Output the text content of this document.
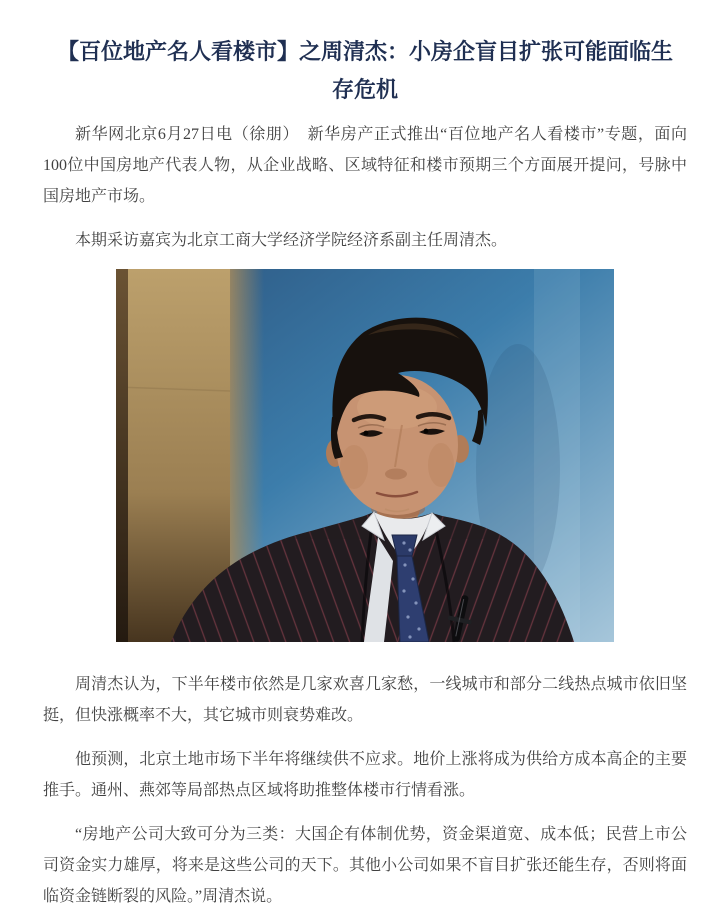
【百位地产名人看楼市】之周清杰：小房企盲目扩张可能面临生存危机

新华网北京6月27日电（徐朋）　新华房产正式推出“百位地产名人看楼市”专题，面向100位中国房地产代表人物，从企业战略、区域特征和楼市预期三个方面展开提问，号脉中国房地产市场。

本期采访嘉宾为北京工商大学经济学院经济系副主任周清杰。

周清杰认为，下半年楼市依然是几家欢喜几家愁，一线城市和部分二线热点城市依旧坚挺，但快涨概率不大，其它城市则衰势难改。

他预测，北京土地市场下半年将继续供不应求。地价上涨将成为供给方成本高企的主要推手。通州、燕郊等局部热点区域将助推整体楼市行情看涨。

“房地产公司大致可分为三类：大国企有体制优势，资金渠道宽、成本低；民营上市公司资金实力雄厚，将来是这些公司的天下。其他小公司如果不盲目扩张还能生存，否则将面临资金链断裂的风险。”周清杰说。
